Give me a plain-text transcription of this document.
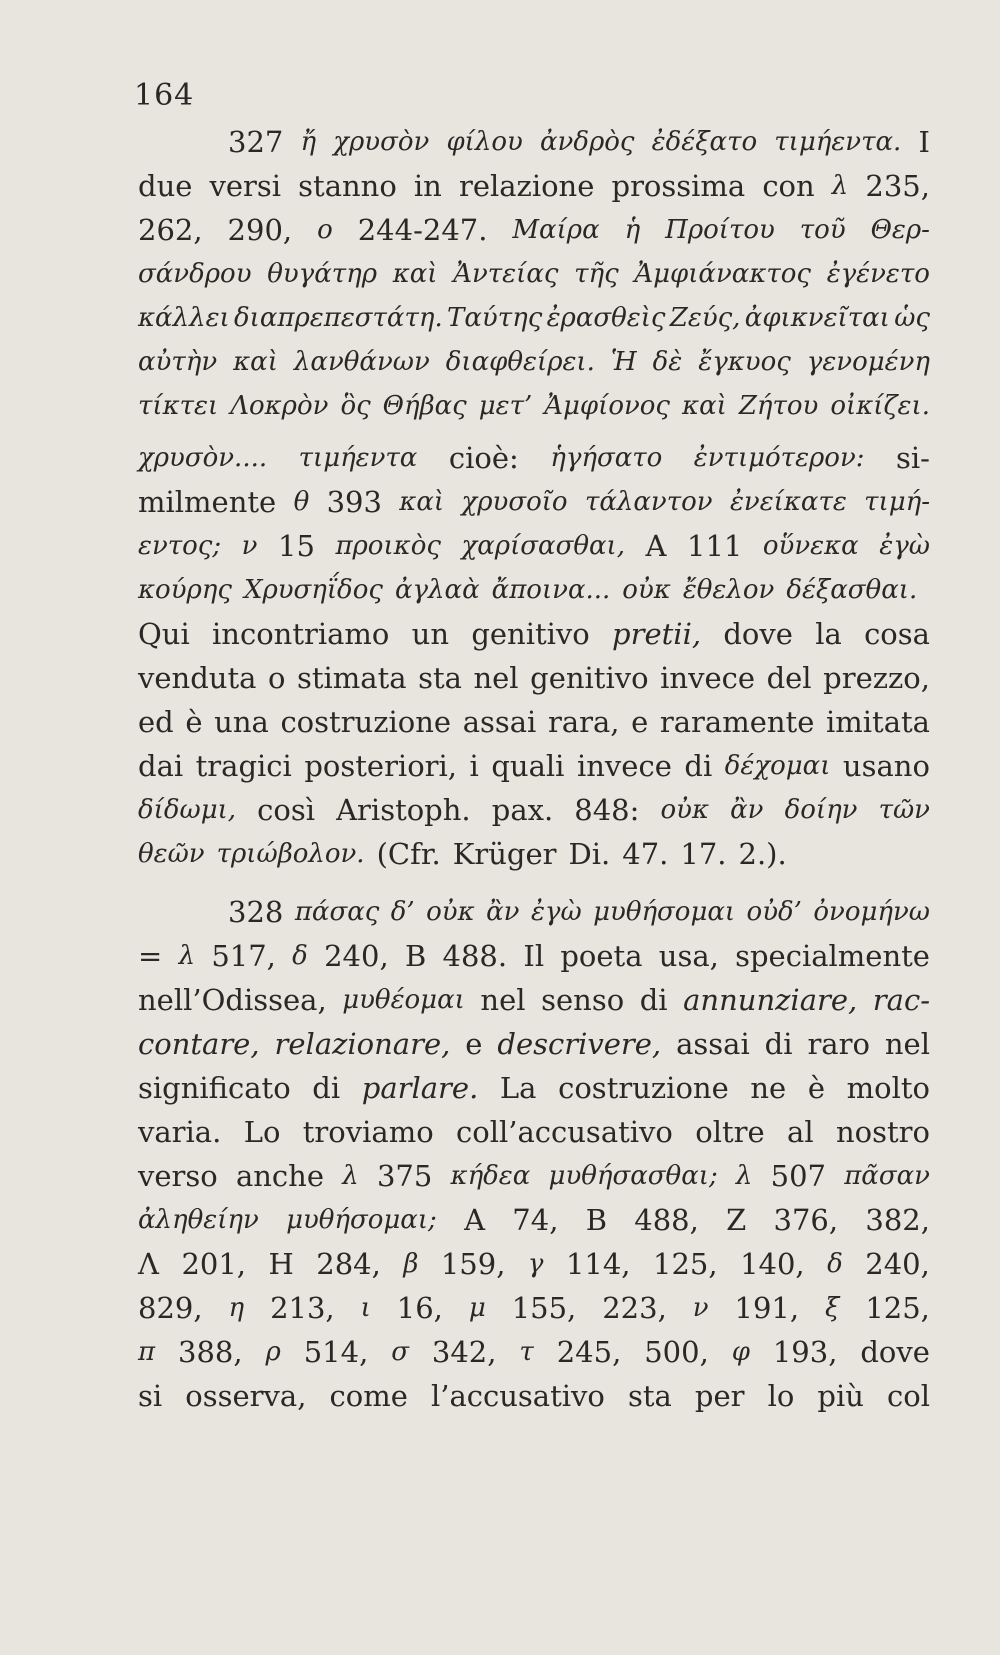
164
327 ἤ χρυσὸν φίλου ἀνδρὸς ἐδέξατο τιμήεντα. I
due versi stanno in relazione prossima con λ 235,
262, 290, ο 244-247. Μαίρα ἡ Προίτου τοῦ Θερ-
σάνδρου θυγάτηρ καὶ Ἀντείας τῆς Ἀμφιάνακτος ἐγένετο
κάλλει διαπρεπεστάτη. Ταύτης ἐρασθεὶς Ζεύς, ἀφικνεῖται ὡς
αὐτὴν καὶ λανθάνων διαφθείρει. Ἡ δὲ ἔγκυος γενομένη
τίκτει Λοκρὸν ὃς Θήβας μετ’ Ἀμφίονος καὶ Ζήτου οἰκίζει.
χρυσὸν.... τιμήεντα cioè: ἡγήσατο ἐντιμότερον: si-
milmente θ 393 καὶ χρυσοῖο τάλαντον ἐνείκατε τιμή-
εντος; ν 15 προικὸς χαρίσασθαι, Α 111 οὕνεκα ἐγὼ
κούρης Χρυσηΐδος ἀγλαὰ ἄποινα... οὐκ ἔθελον δέξασθαι.
Qui incontriamo un genitivo pretii, dove la cosa
venduta o stimata sta nel genitivo invece del prezzo,
ed è una costruzione assai rara, e raramente imitata
dai tragici posteriori, i quali invece di δέχομαι usano
δίδωμι, così Aristoph. pax. 848: οὐκ ἂν δοίην τῶν
θεῶν τριώβολον. (Cfr. Krüger Di. 47. 17. 2.).
328 πάσας δ’ οὐκ ἂν ἐγὼ μυθήσομαι οὐδ’ ὀνομήνω
= λ 517, δ 240, Β 488. Il poeta usa, specialmente
nell’Odissea, μυθέομαι nel senso di annunziare, rac-
contare, relazionare, e descrivere, assai di raro nel
significato di parlare. La costruzione ne è molto
varia. Lo troviamo coll’accusativo oltre al nostro
verso anche λ 375 κήδεα μυθήσασθαι; λ 507 πᾶσαν
ἀληθείην μυθήσομαι; Α 74, Β 488, Ζ 376, 382,
Λ 201, Η 284, β 159, γ 114, 125, 140, δ 240,
829, η 213, ι 16, μ 155, 223, ν 191, ξ 125,
π 388, ρ 514, σ 342, τ 245, 500, φ 193, dove
si osserva, come l’accusativo sta per lo più col
